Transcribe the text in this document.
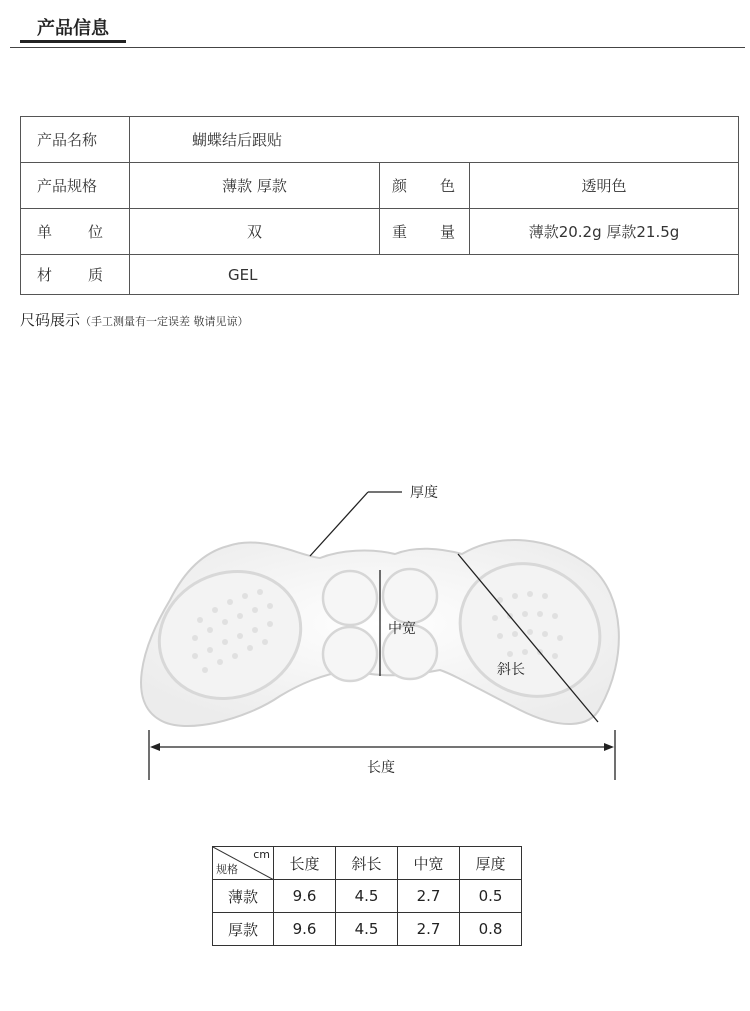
产品信息
产品名称	蝴蝶结后跟贴		
产品规格	薄款 厚款	颜 色	透明色

单 位	双	重 量	薄款20.2g 厚款21.5g

材 质	GEL		
尺码展示（手工测量有一定误差 敬请见谅）
厚度
中宽
斜长
长度
cm
规格	长度	斜长	中宽	厚度
薄款	9.6	4.5	2.7	0.5
厚款	9.6	4.5	2.7	0.8
